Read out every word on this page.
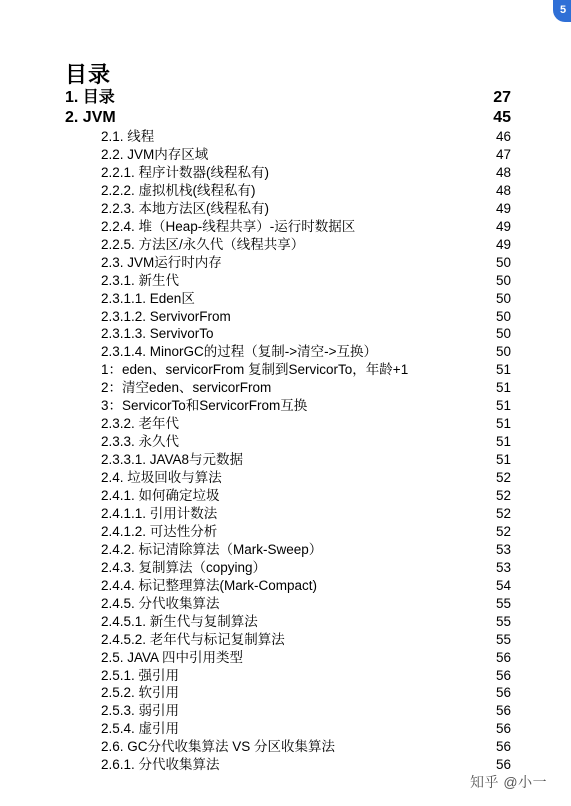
5
目录
1. 目录	27
2. JVM	45
2.1. 线程	46
2.2. JVM内存区域	47
2.2.1. 程序计数器(线程私有)	48
2.2.2. 虚拟机栈(线程私有)	48
2.2.3. 本地方法区(线程私有)	49
2.2.4. 堆（Heap-线程共享）-运行时数据区	49
2.2.5. 方法区/永久代（线程共享）	49
2.3. JVM运行时内存	50
2.3.1. 新生代	50
2.3.1.1. Eden区	50
2.3.1.2. ServivorFrom	50
2.3.1.3. ServivorTo	50
2.3.1.4. MinorGC的过程（复制->清空->互换）	50
1：eden、servicorFrom 复制到ServicorTo，年龄+1	51
2：清空eden、servicorFrom	51
3：ServicorTo和ServicorFrom互换	51
2.3.2. 老年代	51
2.3.3. 永久代	51
2.3.3.1. JAVA8与元数据	51
2.4. 垃圾回收与算法	52
2.4.1. 如何确定垃圾	52
2.4.1.1. 引用计数法	52
2.4.1.2. 可达性分析	52
2.4.2. 标记清除算法（Mark-Sweep）	53
2.4.3. 复制算法（copying）	53
2.4.4. 标记整理算法(Mark-Compact)	54
2.4.5. 分代收集算法	55
2.4.5.1. 新生代与复制算法	55
2.4.5.2. 老年代与标记复制算法	55
2.5. JAVA 四中引用类型	56
2.5.1. 强引用	56
2.5.2. 软引用	56
2.5.3. 弱引用	56
2.5.4. 虚引用	56
2.6. GC分代收集算法 VS 分区收集算法	56
2.6.1. 分代收集算法	56
知乎 @小一
